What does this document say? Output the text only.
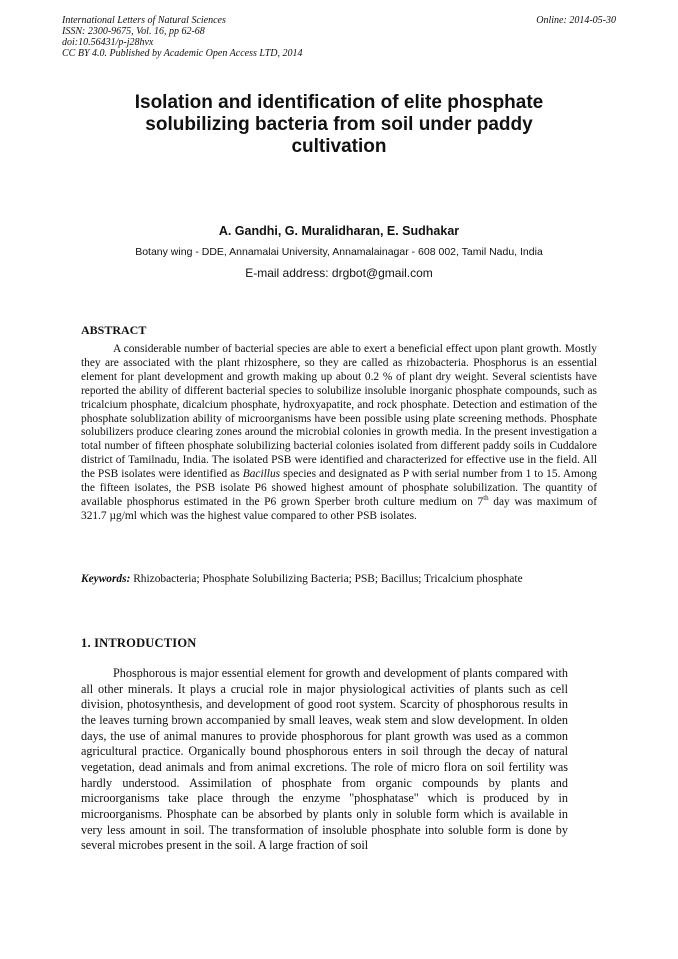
International Letters of Natural Sciences
ISSN: 2300-9675, Vol. 16, pp 62-68
doi:10.56431/p-j28hvx
CC BY 4.0. Published by Academic Open Access LTD, 2014
Online: 2014-05-30
Isolation and identification of elite phosphate solubilizing bacteria from soil under paddy cultivation
A. Gandhi, G. Muralidharan, E. Sudhakar
Botany wing - DDE, Annamalai University, Annamalainagar - 608 002, Tamil Nadu, India
E-mail address: drgbot@gmail.com
ABSTRACT

A considerable number of bacterial species are able to exert a beneficial effect upon plant growth. Mostly they are associated with the plant rhizosphere, so they are called as rhizobacteria. Phosphorus is an essential element for plant development and growth making up about 0.2 % of plant dry weight. Several scientists have reported the ability of different bacterial species to solubilize insoluble inorganic phosphate compounds, such as tricalcium phosphate, dicalcium phosphate, hydroxyapatite, and rock phosphate. Detection and estimation of the phosphate solublization ability of microorganisms have been possible using plate screening methods. Phosphate solubilizers produce clearing zones around the microbial colonies in growth media. In the present investigation a total number of fifteen phosphate solubilizing bacterial colonies isolated from different paddy soils in Cuddalore district of Tamilnadu, India. The isolated PSB were identified and characterized for effective use in the field. All the PSB isolates were identified as Bacillus species and designated as P with serial number from 1 to 15. Among the fifteen isolates, the PSB isolate P6 showed highest amount of phosphate solubilization. The quantity of available phosphorus estimated in the P6 grown Sperber broth culture medium on 7th day was maximum of 321.7 µg/ml which was the highest value compared to other PSB isolates.

Keywords: Rhizobacteria; Phosphate Solubilizing Bacteria; PSB; Bacillus; Tricalcium phosphate
1. INTRODUCTION

Phosphorous is major essential element for growth and development of plants compared with all other minerals. It plays a crucial role in major physiological activities of plants such as cell division, photosynthesis, and development of good root system. Scarcity of phosphorous results in the leaves turning brown accompanied by small leaves, weak stem and slow development. In olden days, the use of animal manures to provide phosphorous for plant growth was used as a common agricultural practice. Organically bound phosphorous enters in soil through the decay of natural vegetation, dead animals and from animal excretions. The role of micro flora on soil fertility was hardly understood. Assimilation of phosphate from organic compounds by plants and microorganisms take place through the enzyme "phosphatase" which is produced by in microorganisms. Phosphate can be absorbed by plants only in soluble form which is available in very less amount in soil. The transformation of insoluble phosphate into soluble form is done by several microbes present in the soil. A large fraction of soil
